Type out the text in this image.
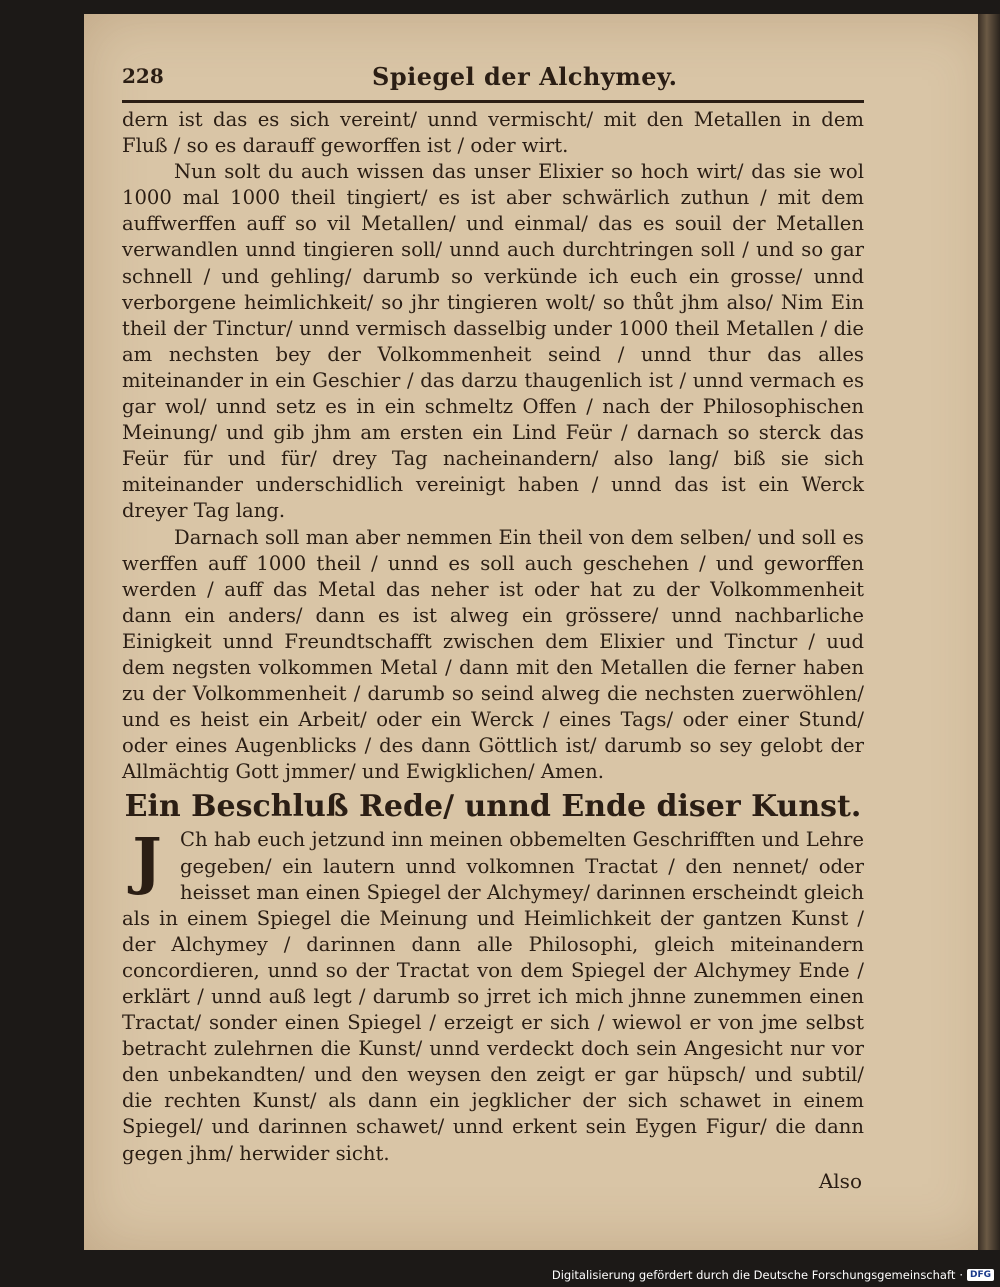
228	Spiegel der Alchymey.

dern ist das es sich vereint/ unnd vermischt/ mit den Metallen in dem Fluß / so es darauff geworffen ist / oder wirt.

Nun solt du auch wissen das unser Elixier so hoch wirt/ das sie wol 1000 mal 1000 theil tingiert/ es ist aber schwärlich zuthun / mit dem auffwerffen auff so vil Metallen/ und einmal/ das es souil der Metallen verwandlen unnd tingieren soll/ unnd auch durchtringen soll / und so gar schnell / und gehling/ darumb so verkünde ich euch ein grosse/ unnd verborgene heimlichkeit/ so jhr tingieren wolt/ so thůt jhm also/ Nim Ein theil der Tinctur/ unnd vermisch dasselbig under 1000 theil Metallen / die am nechsten bey der Volkommenheit seind / unnd thur das alles miteinander in ein Geschier / das darzu thaugenlich ist / unnd vermach es gar wol/ unnd setz es in ein schmeltz Offen / nach der Philosophischen Meinung/ und gib jhm am ersten ein Lind Feür / darnach so sterck das Feür für und für/ drey Tag nacheinandern/ also lang/ biß sie sich miteinander underschidlich vereinigt haben / unnd das ist ein Werck dreyer Tag lang.

Darnach soll man aber nemmen Ein theil von dem selben/ und soll es werffen auff 1000 theil / unnd es soll auch geschehen / und geworffen werden / auff das Metal das neher ist oder hat zu der Volkommenheit dann ein anders/ dann es ist alweg ein grössere/ unnd nachbarliche Einigkeit unnd Freundtschafft zwischen dem Elixier und Tinctur / uud dem negsten volkommen Metal / dann mit den Metallen die ferner haben zu der Volkommenheit / darumb so seind alweg die nechsten zuerwöhlen/ und es heist ein Arbeit/ oder ein Werck / eines Tags/ oder einer Stund/ oder eines Augenblicks / des dann Göttlich ist/ darumb so sey gelobt der Allmächtig Gott jmmer/ und Ewigklichen/ Amen.

Ein Beschluß Rede/ unnd Ende diser Kunst.
J Ch hab euch jetzund inn meinen obbemelten Geschrifften und Lehre gegeben/ ein lautern unnd volkomnen Tractat / den nennet/ oder heisset man einen Spiegel der Alchymey/ darinnen erscheindt gleich als in einem Spiegel die Meinung und Heimlichkeit der gantzen Kunst / der Alchymey / darinnen dann alle Philosophi, gleich miteinandern concordieren, unnd so der Tractat von dem Spiegel der Alchymey Ende / erklärt / unnd auß legt / darumb so jrret ich mich jhnne zunemmen einen Tractat/ sonder einen Spiegel / erzeigt er sich / wiewol er von jme selbst betracht zulehrnen die Kunst/ unnd verdeckt doch sein Angesicht nur vor den unbekandten/ und den weysen den zeigt er gar hüpsch/ und subtil/ die rechten Kunst/ als dann ein jegklicher der sich schawet in einem Spiegel/ und darinnen schawet/ unnd erkent sein Eygen Figur/ die dann gegen jhm/ herwider sicht.

Also
Digitalisierung gefördert durch die Deutsche Forschungsgemeinschaft · DFG
